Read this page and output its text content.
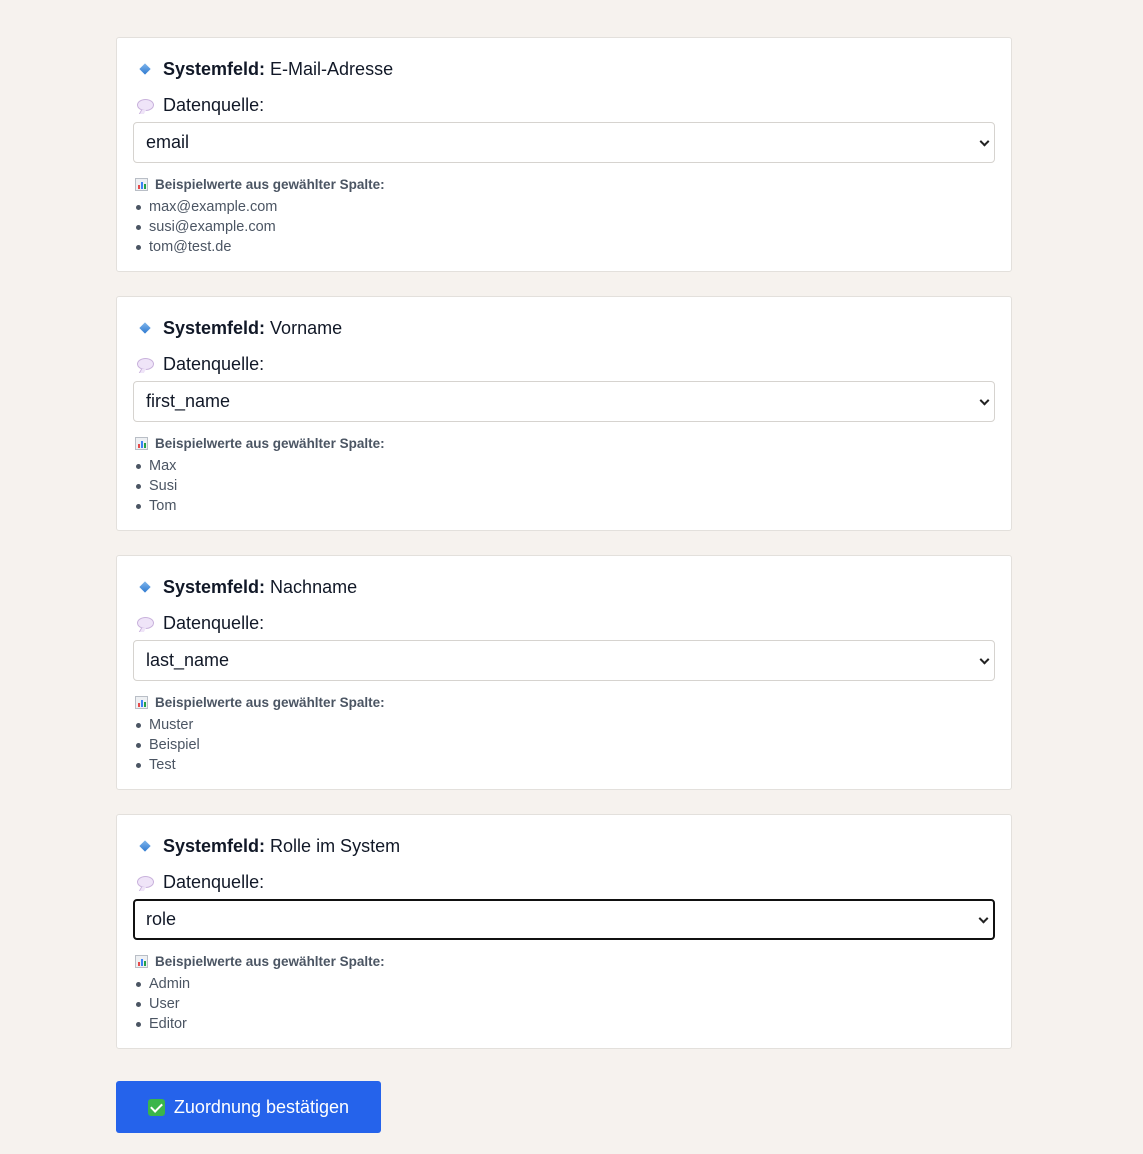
Systemfeld: E-Mail-Adresse
Datenquelle:
email
Beispielwerte aus gewählter Spalte:
max@example.com
susi@example.com
tom@test.de
Systemfeld: Vorname
Datenquelle:
first_name
Beispielwerte aus gewählter Spalte:
Max
Susi
Tom
Systemfeld: Nachname
Datenquelle:
last_name
Beispielwerte aus gewählter Spalte:
Muster
Beispiel
Test
Systemfeld: Rolle im System
Datenquelle:
role
Beispielwerte aus gewählter Spalte:
Admin
User
Editor
Zuordnung bestätigen
